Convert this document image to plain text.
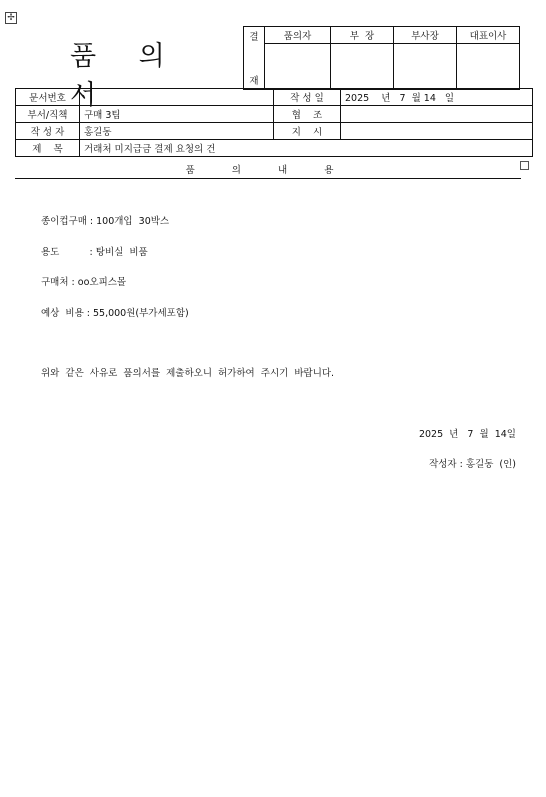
✢
품 의 서
결
재	품의자	부  장	부사장	대표이사

문서번호		작 성 일	2025    년   7  월 14   일
부서/직책	구매 3팀	협    조	
작 성 자	홍길동	지    시	
제    목	거래처 미지급금 결제 요청의 건		
품 의 내 용
종이컵구매 : 100개입  30박스
용도          : 탕비실  비품
구매처 : oo오피스몰
예상  비용 : 55,000원(부가세포함)
위와  같은  사유로  품의서를  제출하오니  허가하여  주시기  바랍니다.
2025  년   7  월  14일
작성자 : 홍길동  (인)
